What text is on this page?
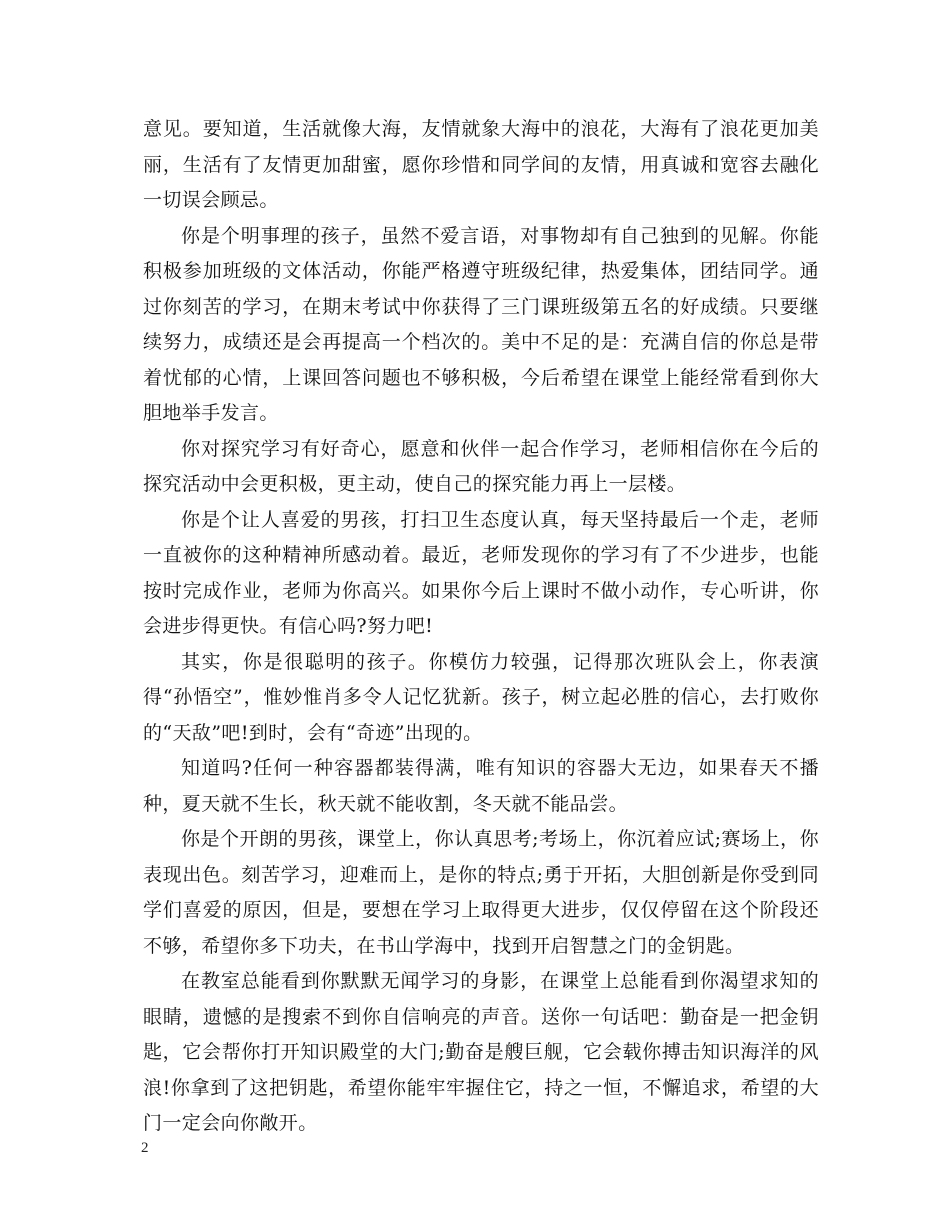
意见。要知道，生活就像大海，友情就象大海中的浪花，大海有了浪花更加美丽，生活有了友情更加甜蜜，愿你珍惜和同学间的友情，用真诚和宽容去融化一切误会顾忌。

你是个明事理的孩子，虽然不爱言语，对事物却有自己独到的见解。你能积极参加班级的文体活动，你能严格遵守班级纪律，热爱集体，团结同学。通过你刻苦的学习，在期末考试中你获得了三门课班级第五名的好成绩。只要继续努力，成绩还是会再提高一个档次的。美中不足的是：充满自信的你总是带着忧郁的心情，上课回答问题也不够积极，今后希望在课堂上能经常看到你大胆地举手发言。

你对探究学习有好奇心，愿意和伙伴一起合作学习，老师相信你在今后的探究活动中会更积极，更主动，使自己的探究能力再上一层楼。

你是个让人喜爱的男孩，打扫卫生态度认真，每天坚持最后一个走，老师一直被你的这种精神所感动着。最近，老师发现你的学习有了不少进步，也能按时完成作业，老师为你高兴。如果你今后上课时不做小动作，专心听讲，你会进步得更快。有信心吗?努力吧!

其实，你是很聪明的孩子。你模仿力较强，记得那次班队会上，你表演得“孙悟空”，惟妙惟肖多令人记忆犹新。孩子，树立起必胜的信心，去打败你的“天敌”吧!到时，会有“奇迹”出现的。

知道吗?任何一种容器都装得满，唯有知识的容器大无边，如果春天不播种，夏天就不生长，秋天就不能收割，冬天就不能品尝。

你是个开朗的男孩，课堂上，你认真思考;考场上，你沉着应试;赛场上，你表现出色。刻苦学习，迎难而上，是你的特点;勇于开拓，大胆创新是你受到同学们喜爱的原因，但是，要想在学习上取得更大进步，仅仅停留在这个阶段还不够，希望你多下功夫，在书山学海中，找到开启智慧之门的金钥匙。

在教室总能看到你默默无闻学习的身影，在课堂上总能看到你渴望求知的眼睛，遗憾的是搜索不到你自信响亮的声音。送你一句话吧：勤奋是一把金钥匙，它会帮你打开知识殿堂的大门;勤奋是艘巨舰，它会载你搏击知识海洋的风浪!你拿到了这把钥匙，希望你能牢牢握住它，持之一恒，不懈追求，希望的大门一定会向你敞开。

2
